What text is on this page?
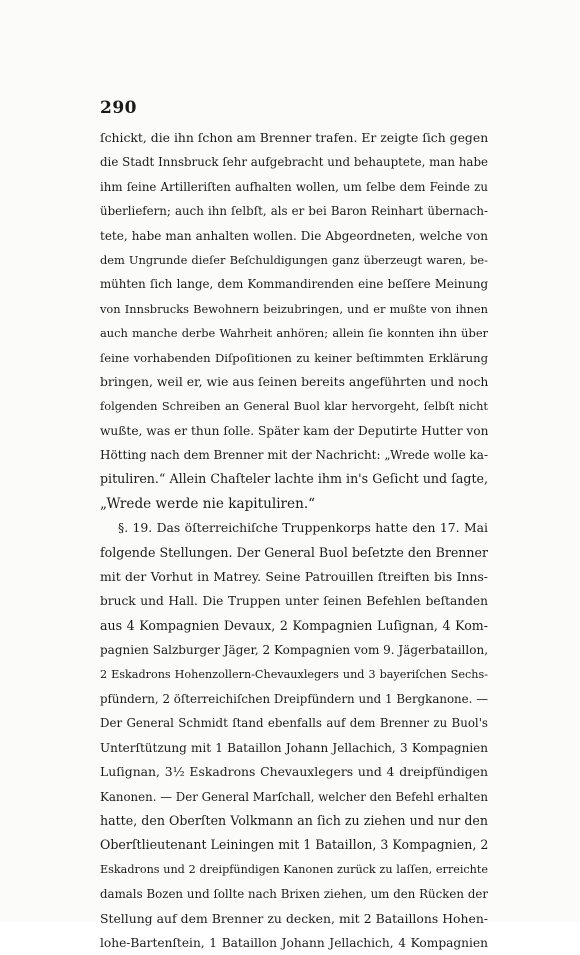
290
ſchickt, die ihn ſchon am Brenner trafen. Er zeigte ſich gegen
die Stadt Innsbruck ſehr aufgebracht und behauptete, man habe
ihm ſeine Artilleriſten aufhalten wollen, um ſelbe dem Feinde zu
überliefern; auch ihn ſelbſt, als er bei Baron Reinhart übernach-
tete, habe man anhalten wollen. Die Abgeordneten, welche von
dem Ungrunde dieſer Beſchuldigungen ganz überzeugt waren, be-
mühten ſich lange, dem Kommandirenden eine beſſere Meinung
von Innsbrucks Bewohnern beizubringen, und er mußte von ihnen
auch manche derbe Wahrheit anhören; allein ſie konnten ihn über
ſeine vorhabenden Diſpoſitionen zu keiner beſtimmten Erklärung
bringen, weil er, wie aus ſeinen bereits angeführten und noch
folgenden Schreiben an General Buol klar hervorgeht, ſelbſt nicht
wußte, was er thun ſolle. Später kam der Deputirte Hutter von
Hötting nach dem Brenner mit der Nachricht: „Wrede wolle ka-
pituliren.“ Allein Chaſteler lachte ihm in's Geſicht und ſagte,
„Wrede werde nie kapituliren.“
§. 19. Das öſterreichiſche Truppenkorps hatte den 17. Mai
folgende Stellungen. Der General Buol beſetzte den Brenner
mit der Vorhut in Matrey. Seine Patrouillen ſtreiften bis Inns-
bruck und Hall. Die Truppen unter ſeinen Befehlen beſtanden
aus 4 Kompagnien Devaux, 2 Kompagnien Luſignan, 4 Kom-
pagnien Salzburger Jäger, 2 Kompagnien vom 9. Jägerbataillon,
2 Eskadrons Hohenzollern-Chevauxlegers und 3 bayeriſchen Sechs-
pfündern, 2 öſterreichiſchen Dreipfündern und 1 Bergkanone. —
Der General Schmidt ſtand ebenfalls auf dem Brenner zu Buol's
Unterſtützung mit 1 Bataillon Johann Jellachich, 3 Kompagnien
Luſignan, 3½ Eskadrons Chevauxlegers und 4 dreipfündigen
Kanonen. — Der General Marſchall, welcher den Befehl erhalten
hatte, den Oberſten Volkmann an ſich zu ziehen und nur den
Oberſtlieutenant Leiningen mit 1 Bataillon, 3 Kompagnien, 2
Eskadrons und 2 dreipfündigen Kanonen zurück zu laſſen, erreichte
damals Bozen und ſollte nach Brixen ziehen, um den Rücken der
Stellung auf dem Brenner zu decken, mit 2 Bataillons Hohen-
lohe-Bartenſtein, 1 Bataillon Johann Jellachich, 4 Kompagnien
